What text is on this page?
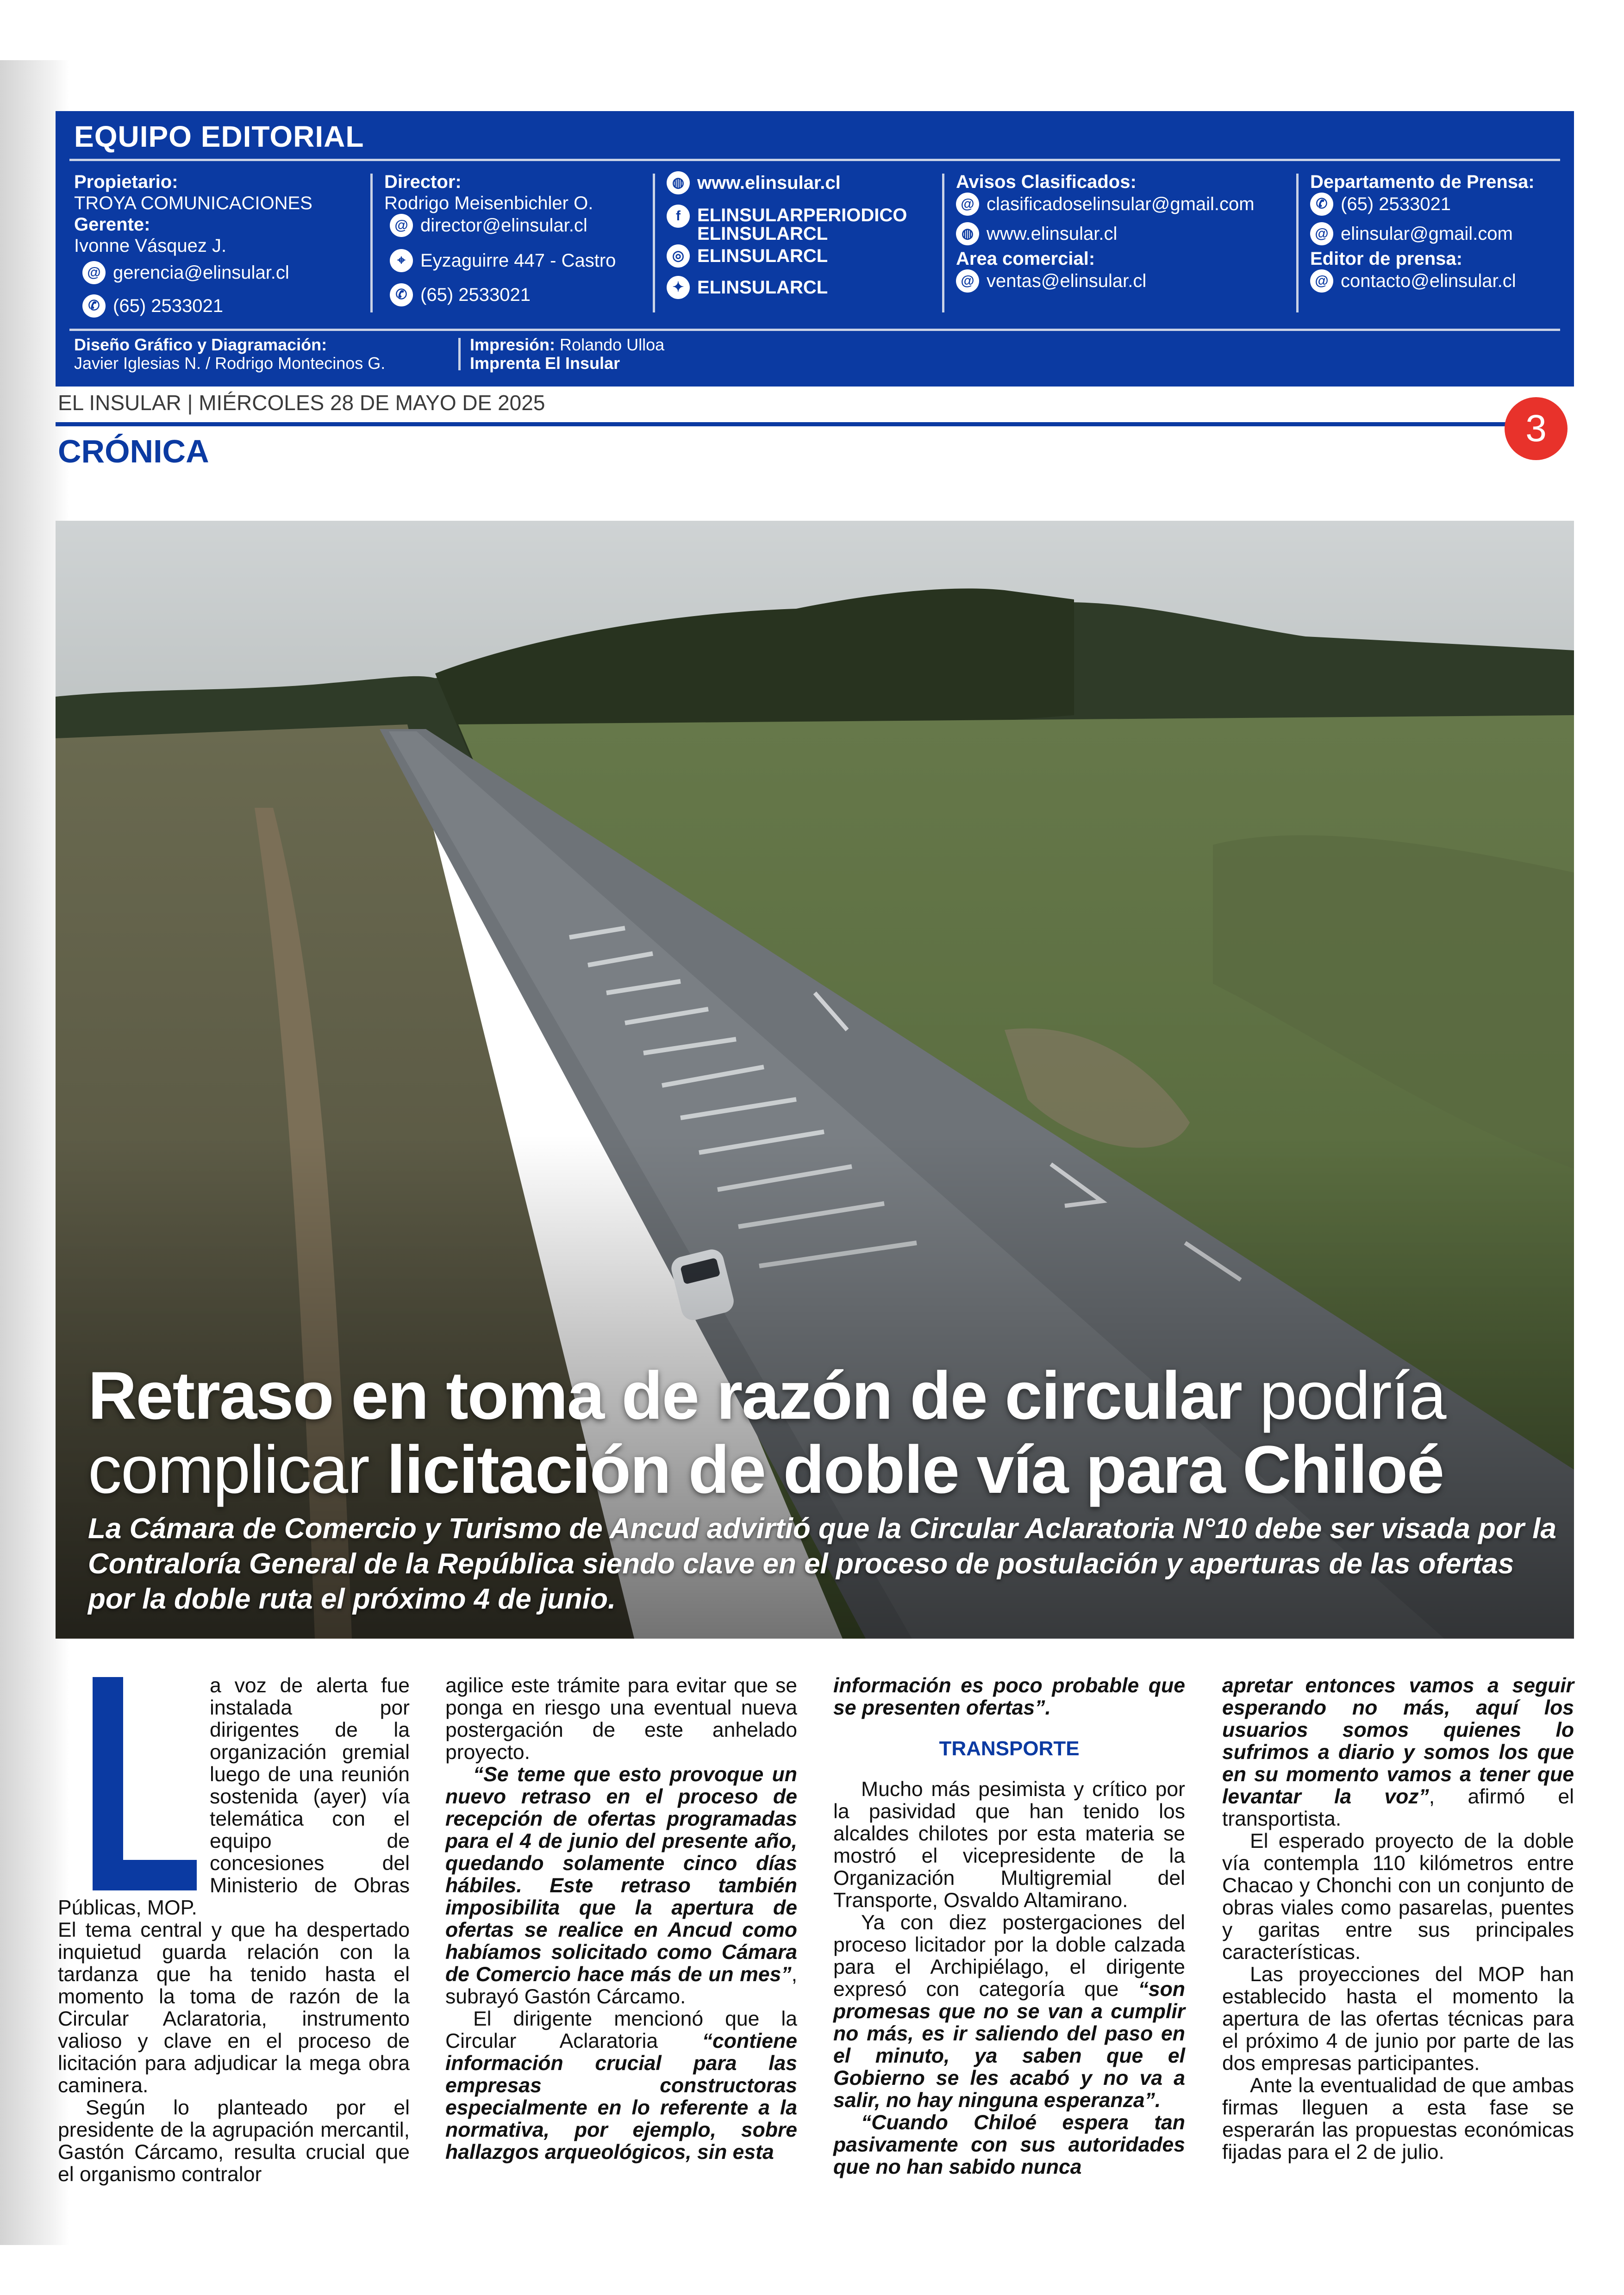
EQUIPO EDITORIAL
Propietario:
TROYA COMUNICACIONES
Gerente:
Ivonne Vásquez J.
@ gerencia@elinsular.cl
✆ (65) 2533021
Director:
Rodrigo Meisenbichler O.
@ director@elinsular.cl
⌖ Eyzaguirre 447 - Castro
✆ (65) 2533021
◍ www.elinsular.cl
f ELINSULARPERIODICO
ELINSULARCL
◎ ELINSULARCL
✦ ELINSULARCL
Avisos Clasificados:
@ clasificadoselinsular@gmail.com
◍ www.elinsular.cl
Area comercial:
@ ventas@elinsular.cl
Departamento de Prensa:
✆ (65) 2533021
@ elinsular@gmail.com
Editor de prensa:
@ contacto@elinsular.cl
Diseño Gráfico y Diagramación:
Javier Iglesias N. / Rodrigo Montecinos G.
Impresión: Rolando Ulloa
Imprenta El Insular
EL INSULAR | MIÉRCOLES 28 DE MAYO DE 2025
3
CRÓNICA
Retraso en toma de razón de circular podría
complicar licitación de doble vía para Chiloé
La Cámara de Comercio y Turismo de Ancud advirtió que la Circular Aclaratoria N°10 debe ser visada por la Contraloría General de la República siendo clave en el proceso de postulación y aperturas de las ofertas por la doble ruta el próximo 4 de junio.

a voz de alerta fue instalada por dirigentes de la organización gremial luego de una reunión sostenida (ayer) vía telemática con el equipo de concesiones del Ministerio de Obras Públicas, MOP.

El tema central y que ha despertado inquietud guarda relación con la tardanza que ha tenido hasta el momento la toma de razón de la Circular Aclaratoria, instrumento valioso y clave en el proceso de licitación para adjudicar la mega obra caminera.

Según lo planteado por el presidente de la agrupación mercantil, Gastón Cárcamo, resulta crucial que el organismo contralor

agilice este trámite para evitar que se ponga en riesgo una eventual nueva postergación de este anhelado proyecto.

“Se teme que esto provoque un nuevo retraso en el proceso de recepción de ofertas programadas para el 4 de junio del presente año, quedando solamente cinco días hábiles. Este retraso también imposibilita que la apertura de ofertas se realice en Ancud como habíamos solicitado como Cámara de Comercio hace más de un mes”, subrayó Gastón Cárcamo.

El dirigente mencionó que la Circular Aclaratoria “contiene información crucial para las empresas constructoras especialmente en lo referente a la normativa, por ejemplo, sobre hallazgos arqueológicos, sin esta

información es poco probable que se presenten ofertas”.

TRANSPORTE

Mucho más pesimista y crítico por la pasividad que han tenido los alcaldes chilotes por esta materia se mostró el vicepresidente de la Organización Multigremial del Transporte, Osvaldo Altamirano.

Ya con diez postergaciones del proceso licitador por la doble calzada para el Archipiélago, el dirigente expresó con categoría que “son promesas que no se van a cumplir no más, es ir saliendo del paso en el minuto, ya saben que el Gobierno se les acabó y no va a salir, no hay ninguna esperanza”.

“Cuando Chiloé espera tan pasivamente con sus autoridades que no han sabido nunca

apretar entonces vamos a seguir esperando no más, aquí los usuarios somos quienes lo sufrimos a diario y somos los que en su momento vamos a tener que levantar la voz”, afirmó el transportista.

El esperado proyecto de la doble vía contempla 110 kilómetros entre Chacao y Chonchi con un conjunto de obras viales como pasarelas, puentes y garitas entre sus principales características.

Las proyecciones del MOP han establecido hasta el momento la apertura de las ofertas técnicas para el próximo 4 de junio por parte de las dos empresas participantes.

Ante la eventualidad de que ambas firmas lleguen a esta fase se esperarán las propuestas económicas fijadas para el 2 de julio.
